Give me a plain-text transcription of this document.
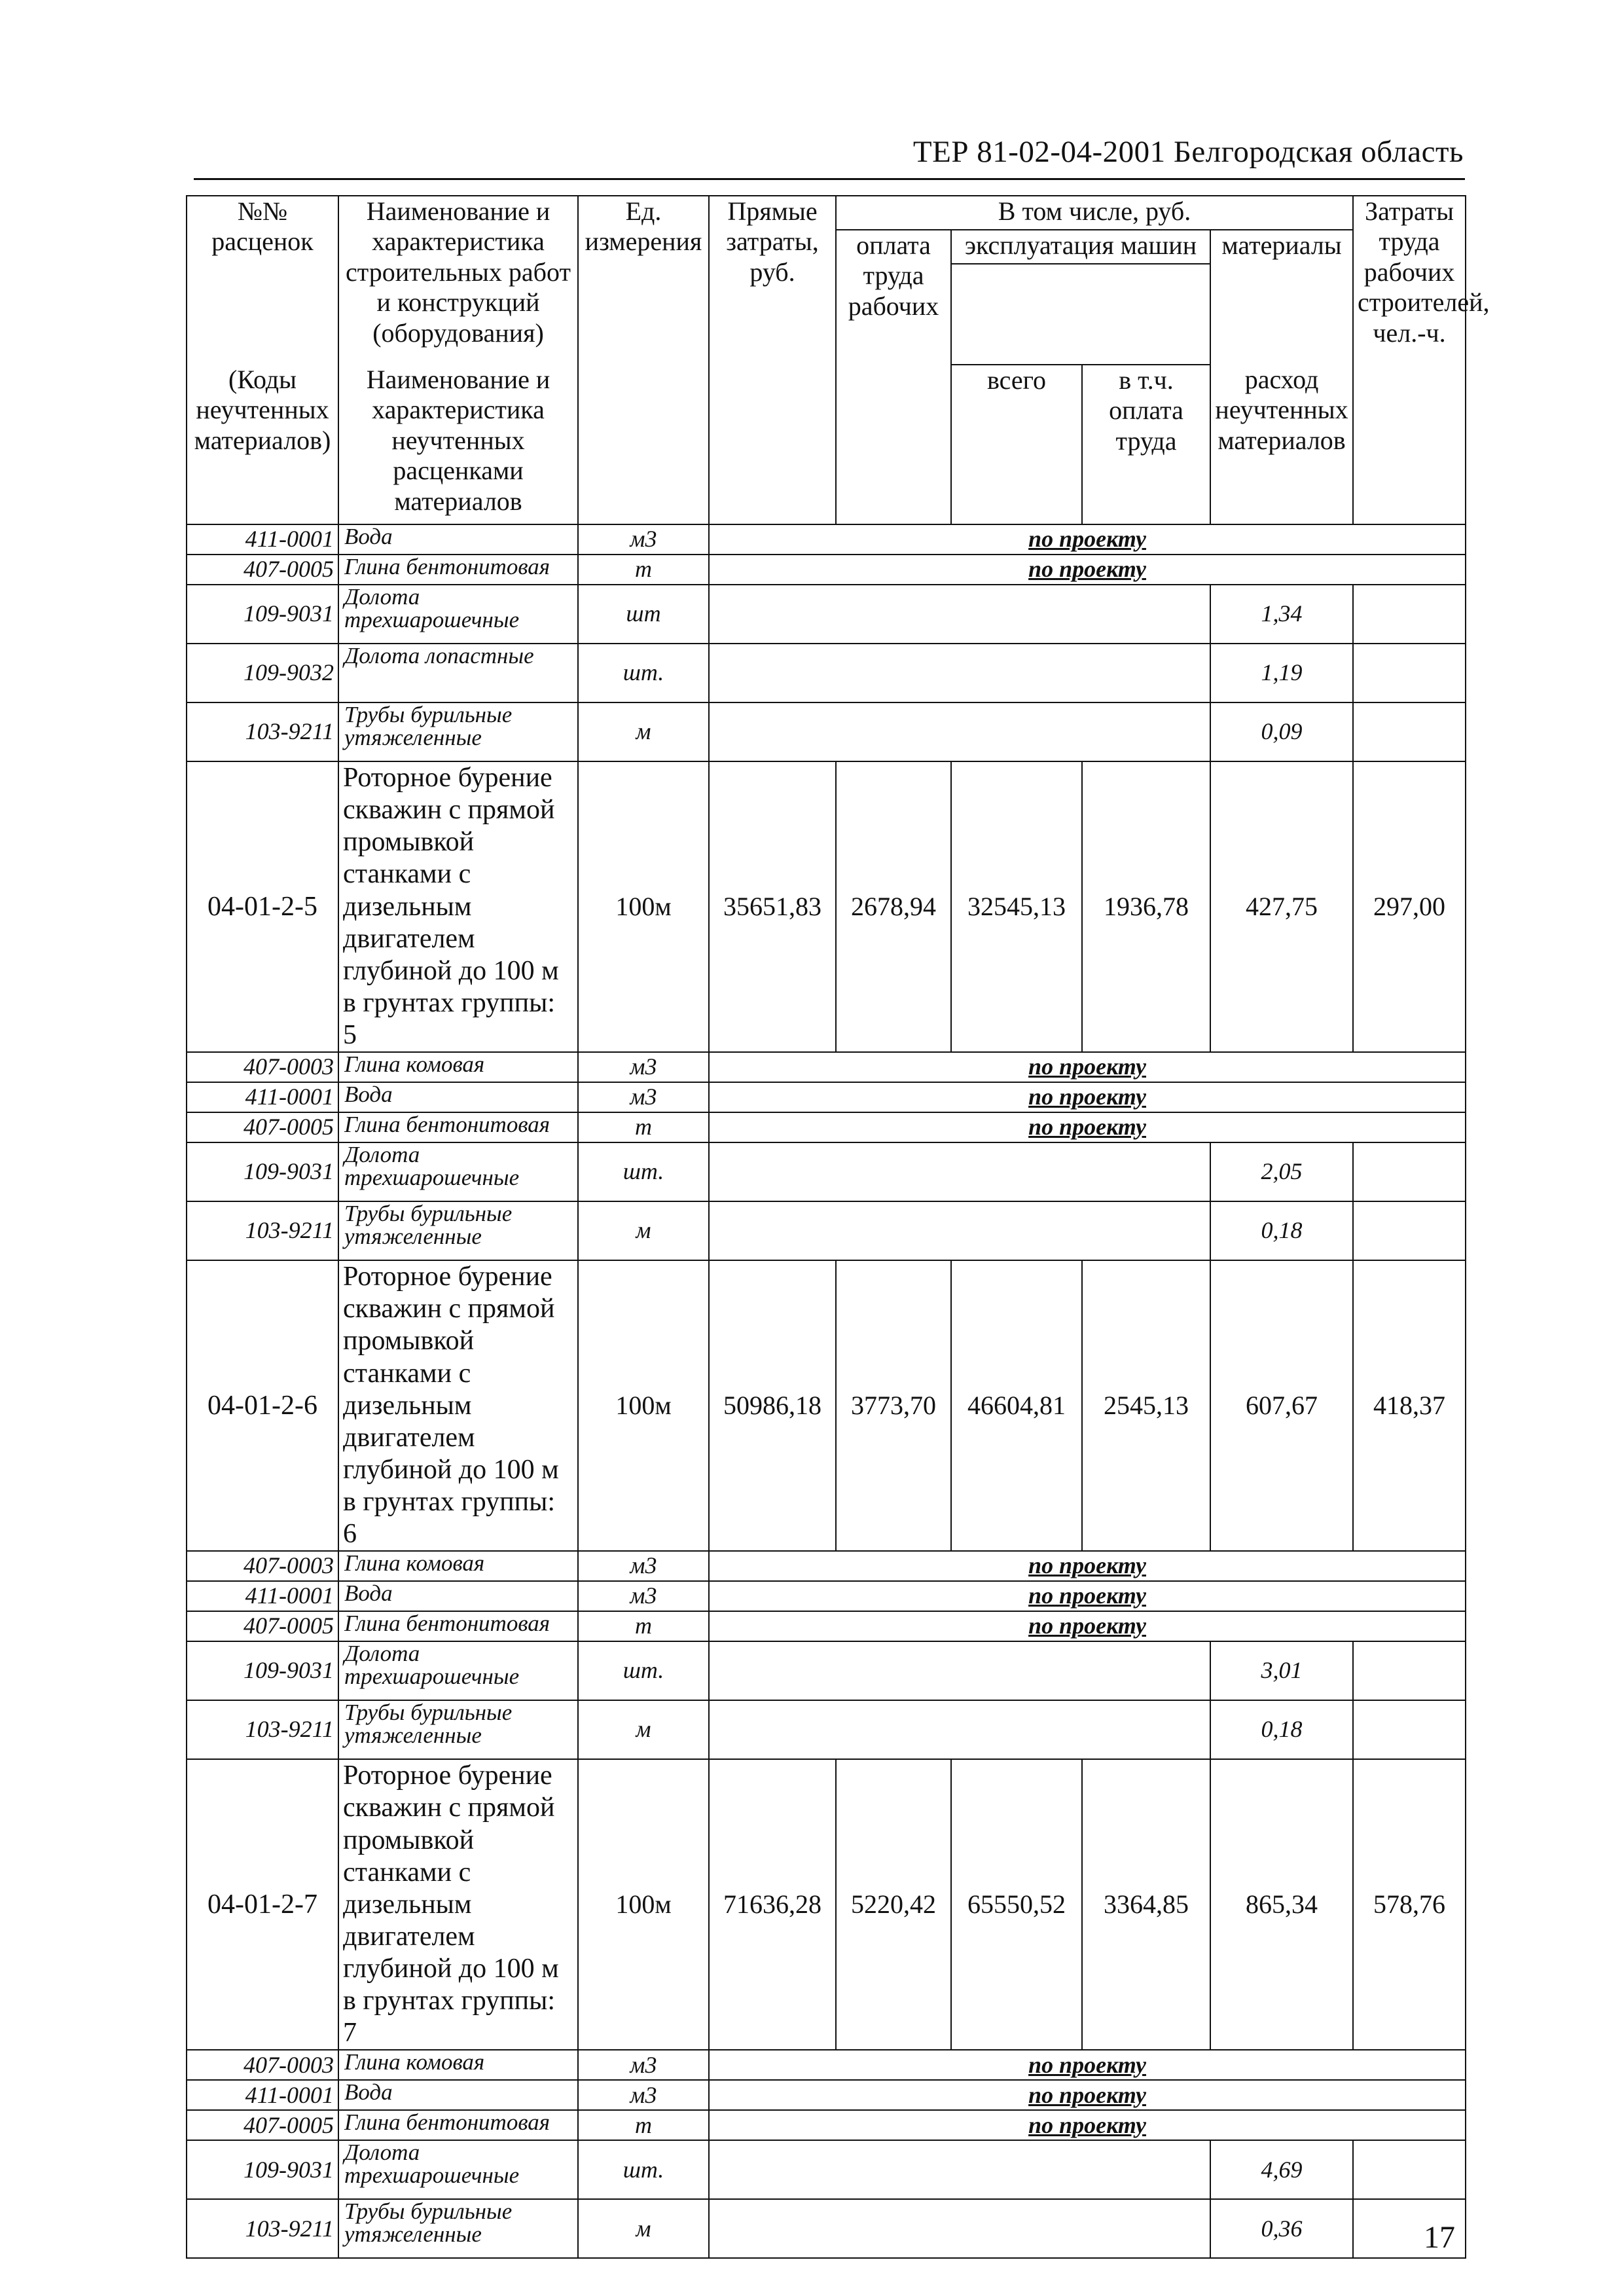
ТЕР 81-02-04-2001 Белгородская область
№№ расценок	Наименование и характеристика строительных работ и конструкций (оборудования)	Ед. измерения	Прямые затраты, руб.	В том числе, руб.				Затраты труда рабочих строителей, чел.-ч.
				оплата труда рабочих	эксплуатация машин		материалы	

(Коды неучтенных материалов)	Наименование и характеристика неучтенных расценками материалов				всего	в т.ч. оплата труда	расход неучтенных материалов	
411-0001	Вода	м3	по проекту					
407-0005	Глина бентонитовая	т	по проекту					
109-9031	Долота трехшарошечные	шт					1,34	
109-9032	Долота лопастные	шт.					1,19	
103-9211	Трубы бурильные утяжеленные	м					0,09	
04-01-2-5	Роторное бурение скважин с прямой промывкой станками с дизельным двигателем глубиной до 100 м в грунтах группы: 5	100м	35651,83	2678,94	32545,13	1936,78	427,75	297,00
407-0003	Глина комовая	м3	по проекту					
411-0001	Вода	м3	по проекту					
407-0005	Глина бентонитовая	т	по проекту					
109-9031	Долота трехшарошечные	шт.					2,05	
103-9211	Трубы бурильные утяжеленные	м					0,18	
04-01-2-6	Роторное бурение скважин с прямой промывкой станками с дизельным двигателем глубиной до 100 м в грунтах группы: 6	100м	50986,18	3773,70	46604,81	2545,13	607,67	418,37
407-0003	Глина комовая	м3	по проекту					
411-0001	Вода	м3	по проекту					
407-0005	Глина бентонитовая	т	по проекту					
109-9031	Долота трехшарошечные	шт.					3,01	
103-9211	Трубы бурильные утяжеленные	м					0,18	
04-01-2-7	Роторное бурение скважин с прямой промывкой станками с дизельным двигателем глубиной до 100 м в грунтах группы: 7	100м	71636,28	5220,42	65550,52	3364,85	865,34	578,76
407-0003	Глина комовая	м3	по проекту					
411-0001	Вода	м3	по проекту					
407-0005	Глина бентонитовая	т	по проекту					
109-9031	Долота трехшарошечные	шт.					4,69	
103-9211	Трубы бурильные утяжеленные	м					0,36		17
